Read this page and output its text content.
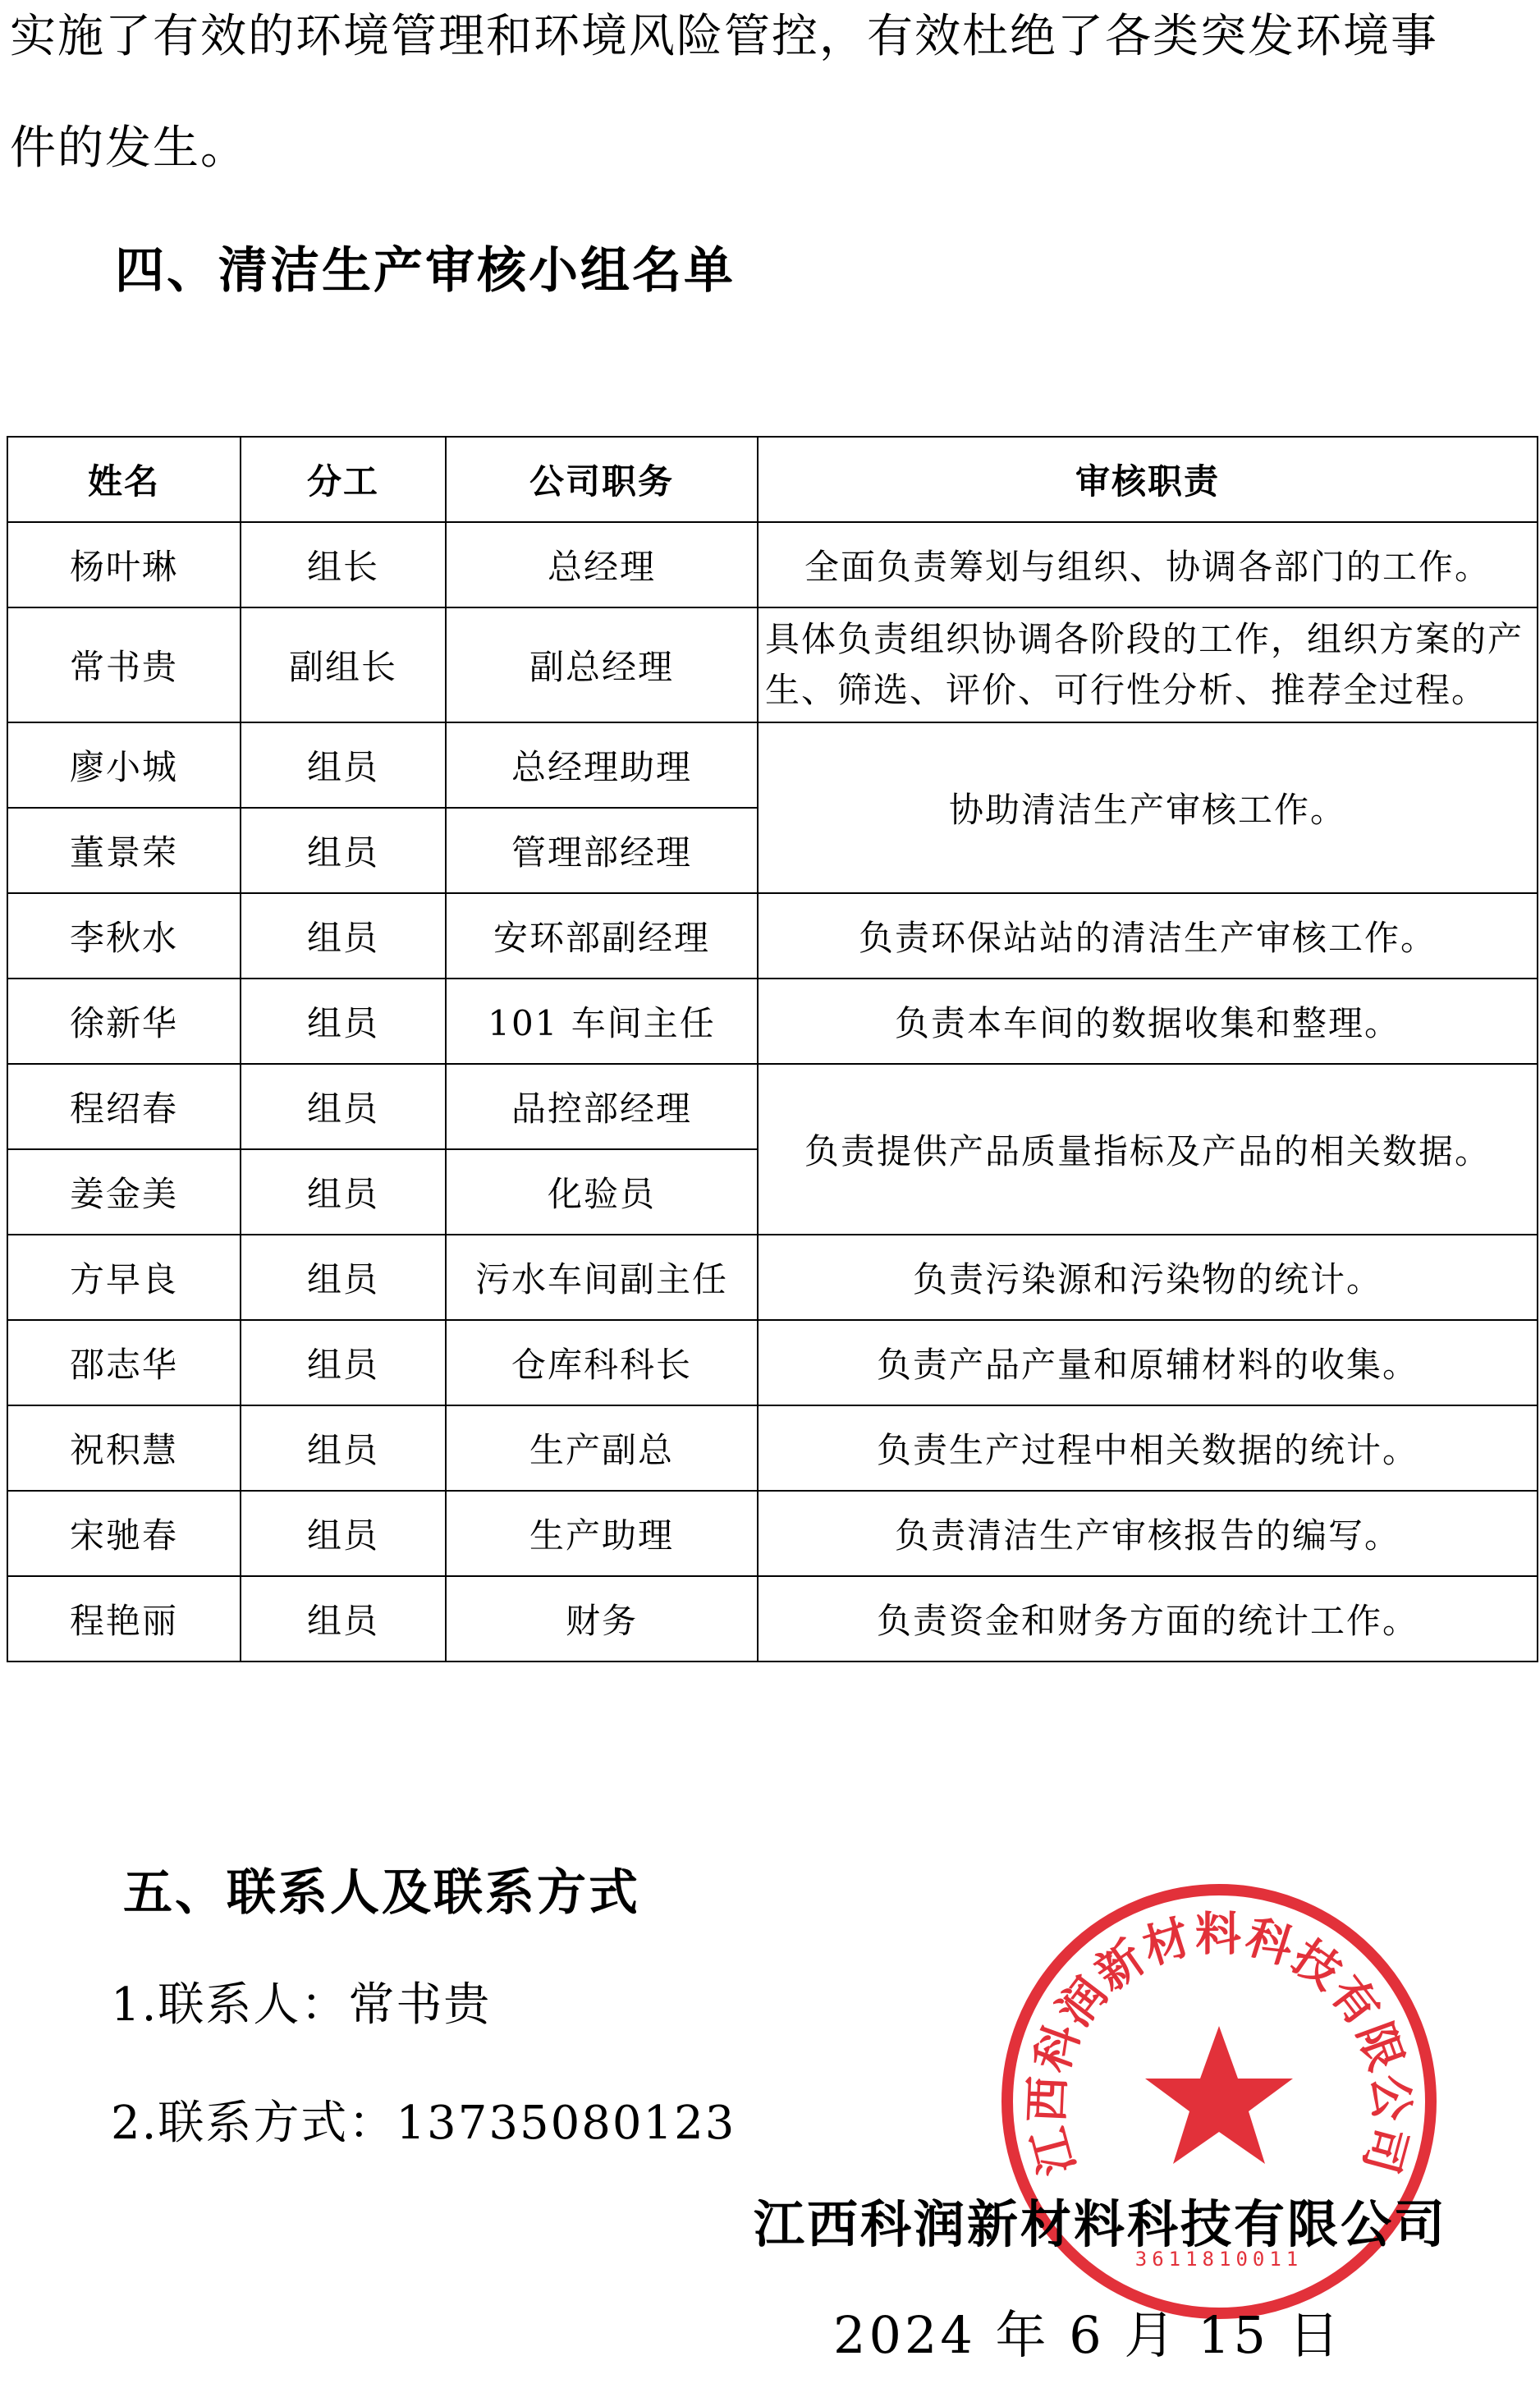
实施了有效的环境管理和环境风险管控，有效杜绝了各类突发环境事
件的发生。
四、清洁生产审核小组名单
姓名	分工	公司职务	审核职责
杨叶琳	组长	总经理	全面负责筹划与组织、协调各部门的工作。
常书贵	副组长	副总经理	具体负责组织协调各阶段的工作，组织方案的产生、筛选、评价、可行性分析、推荐全过程。
廖小城	组员	总经理助理	协助清洁生产审核工作。
董景荣	组员	管理部经理	
李秋水	组员	安环部副经理	负责环保站站的清洁生产审核工作。
徐新华	组员	101 车间主任	负责本车间的数据收集和整理。
程绍春	组员	品控部经理	负责提供产品质量指标及产品的相关数据。
姜金美	组员	化验员	
方早良	组员	污水车间副主任	负责污染源和污染物的统计。
邵志华	组员	仓库科科长	负责产品产量和原辅材料的收集。
祝积慧	组员	生产副总	负责生产过程中相关数据的统计。
宋驰春	组员	生产助理	负责清洁生产审核报告的编写。
程艳丽	组员	财务	负责资金和财务方面的统计工作。
五、联系人及联系方式
1.联系人：常书贵
2.联系方式：13735080123	江西科润新材料科技有限公司
3611810011
江西科润新材料科技有限公司
2024 年 6 月 15 日
